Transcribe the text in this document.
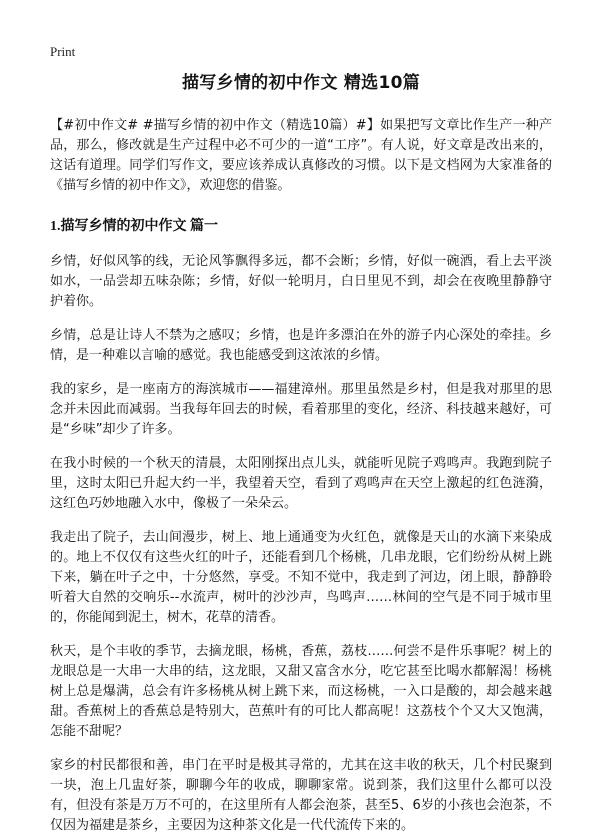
Print
描写乡情的初中作文 精选10篇

【#初中作文# #描写乡情的初中作文（精选10篇）#】如果把写文章比作生产一种产品，那么，修改就是生产过程中必不可少的一道“工序”。有人说，好文章是改出来的，这话有道理。同学们写作文，要应该养成认真修改的习惯。以下是文档网为大家准备的《描写乡情的初中作文》，欢迎您的借鉴。

1.描写乡情的初中作文 篇一

乡情，好似风筝的线，无论风筝飘得多远，都不会断；乡情，好似一碗酒，看上去平淡如水，一品尝却五味杂陈；乡情，好似一轮明月，白日里见不到，却会在夜晚里静静守护着你。

乡情，总是让诗人不禁为之感叹；乡情，也是许多漂泊在外的游子内心深处的牵挂。乡情，是一种难以言喻的感觉。我也能感受到这浓浓的乡情。

我的家乡，是一座南方的海滨城市——福建漳州。那里虽然是乡村，但是我对那里的思念并未因此而减弱。当我每年回去的时候，看着那里的变化，经济、科技越来越好，可是“乡味”却少了许多。

在我小时候的一个秋天的清晨，太阳刚探出点儿头，就能听见院子鸡鸣声。我跑到院子里，这时太阳已升起大约一半，我望着天空，看到了鸡鸣声在天空上激起的红色涟漪，这红色巧妙地融入水中，像极了一朵朵云。

我走出了院子，去山间漫步，树上、地上通通变为火红色，就像是天山的水滴下来染成的。地上不仅仅有这些火红的叶子，还能看到几个杨桃，几串龙眼，它们纷纷从树上跳下来，躺在叶子之中，十分悠然，享受。不知不觉中，我走到了河边，闭上眼，静静聆听着大自然的交响乐--水流声，树叶的沙沙声，鸟鸣声……林间的空气是不同于城市里的，你能闻到泥土，树木，花草的清香。

秋天，是个丰收的季节，去摘龙眼，杨桃，香蕉，荔枝……何尝不是件乐事呢？树上的龙眼总是一大串一大串的结，这龙眼，又甜又富含水分，吃它甚至比喝水都解渴！杨桃树上总是爆满，总会有许多杨桃从树上跳下来，而这杨桃，一入口是酸的，却会越来越甜。香蕉树上的香蕉总是特别大，芭蕉叶有的可比人都高呢！这荔枝个个又大又饱满，怎能不甜呢？

家乡的村民都很和善，串门在平时是极其寻常的，尤其在这丰收的秋天，几个村民聚到一块，泡上几盅好茶，聊聊今年的收成，聊聊家常。说到茶，我们这里什么都可以没有，但没有茶是万万不可的，在这里所有人都会泡茶，甚至5、6岁的小孩也会泡茶，不仅因为福建是茶乡，主要因为这种茶文化是一代代流传下来的。
